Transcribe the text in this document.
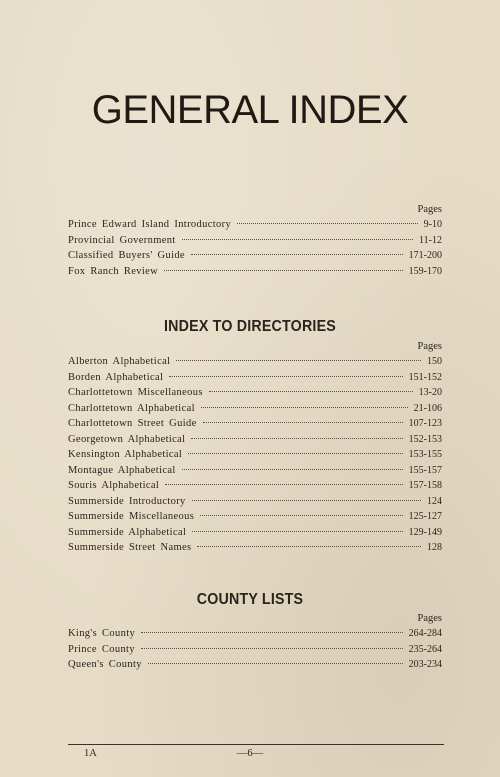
GENERAL INDEX
Pages
Prince Edward Island Introductory	9-10
Provincial Government	11-12
Classified Buyers' Guide	171-200
Fox Ranch Review	159-170
INDEX TO DIRECTORIES
Pages
Alberton Alphabetical	150
Borden Alphabetical	151-152
Charlottetown Miscellaneous	13-20
Charlottetown Alphabetical	21-106
Charlottetown Street Guide	107-123
Georgetown Alphabetical	152-153
Kensington Alphabetical	153-155
Montague Alphabetical	155-157
Souris Alphabetical	157-158
Summerside Introductory	124
Summerside Miscellaneous	125-127
Summerside Alphabetical	129-149
Summerside Street Names	128
COUNTY LISTS
Pages
King's County	264-284
Prince County	235-264
Queen's County	203-234
1A	—6—
